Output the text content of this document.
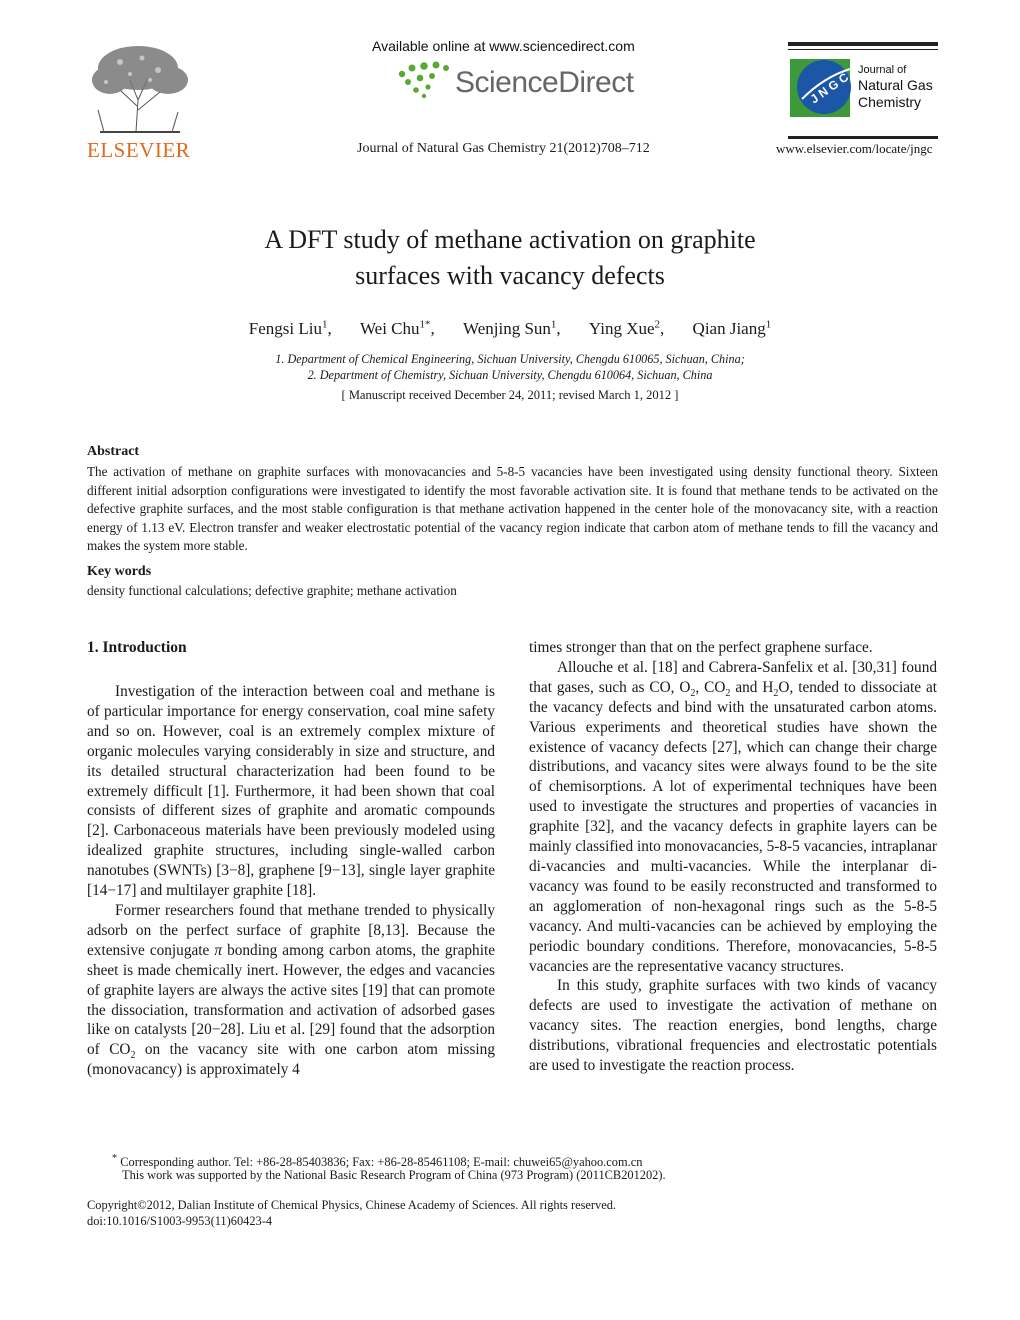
ELSEVIER
Available online at www.sciencedirect.com
ScienceDirect
Journal of Natural Gas Chemistry 21(2012)708–712
J N G C
Journal of
Natural Gas
Chemistry
www.elsevier.com/locate/jngc
A DFT study of methane activation on graphite
surfaces with vacancy defects
Fengsi Liu$^1$, Wei Chu$^{1*}$, Wenjing Sun$^1$, Ying Xue$^2$, Qian Jiang$^1$
1. Department of Chemical Engineering, Sichuan University, Chengdu 610065, Sichuan, China;
2. Department of Chemistry, Sichuan University, Chengdu 610064, Sichuan, China
[ Manuscript received December 24, 2011; revised March 1, 2012 ]
Abstract
The activation of methane on graphite surfaces with monovacancies and 5-8-5 vacancies have been investigated using density functional theory. Sixteen different initial adsorption configurations were investigated to identify the most favorable activation site. It is found that methane tends to be activated on the defective graphite surfaces, and the most stable configuration is that methane activation happened in the center hole of the monovacancy site, with a reaction energy of 1.13 eV. Electron transfer and weaker electrostatic potential of the vacancy region indicate that carbon atom of methane tends to fill the vacancy and makes the system more stable.
Key words
density functional calculations; defective graphite; methane activation
1. Introduction

Investigation of the interaction between coal and methane is of particular importance for energy conservation, coal mine safety and so on. However, coal is an extremely complex mixture of organic molecules varying considerably in size and structure, and its detailed structural characterization had been found to be extremely difficult [1]. Furthermore, it had been shown that coal consists of different sizes of graphite and aromatic compounds [2]. Carbonaceous materials have been previously modeled using idealized graphite structures, including single-walled carbon nanotubes (SWNTs) [3−8], graphene [9−13], single layer graphite [14−17] and multilayer graphite [18].

Former researchers found that methane trended to physically adsorb on the perfect surface of graphite [8,13]. Because the extensive conjugate π bonding among carbon atoms, the graphite sheet is made chemically inert. However, the edges and vacancies of graphite layers are always the active sites [19] that can promote the dissociation, transformation and activation of adsorbed gases like on catalysts [20−28]. Liu et al. [29] found that the adsorption of $CO_2$ on the vacancy site with one carbon atom missing (monovacancy) is approximately 4

times stronger than that on the perfect graphene surface.

Allouche et al. [18] and Cabrera-Sanfelix et al. [30,31] found that gases, such as CO, $O_2$, $CO_2$ and $H_2O$, tended to dissociate at the vacancy defects and bind with the unsaturated carbon atoms. Various experiments and theoretical studies have shown the existence of vacancy defects [27], which can change their charge distributions, and vacancy sites were always found to be the site of chemisorptions. A lot of experimental techniques have been used to investigate the structures and properties of vacancies in graphite [32], and the vacancy defects in graphite layers can be mainly classified into monovacancies, 5-8-5 vacancies, intraplanar di-vacancies and multi-vacancies. While the interplanar di-vacancy was found to be easily reconstructed and transformed to an agglomeration of non-hexagonal rings such as the 5-8-5 vacancy. And multi-vacancies can be achieved by employing the periodic boundary conditions. Therefore, monovacancies, 5-8-5 vacancies are the representative vacancy structures.

In this study, graphite surfaces with two kinds of vacancy defects are used to investigate the activation of methane on vacancy sites. The reaction energies, bond lengths, charge distributions, vibrational frequencies and electrostatic potentials are used to investigate the reaction process.

* Corresponding author. Tel: +86-28-85403836; Fax: +86-28-85461108; E-mail: chuwei65@yahoo.com.cn
This work was supported by the National Basic Research Program of China (973 Program) (2011CB201202).
Copyright©2012, Dalian Institute of Chemical Physics, Chinese Academy of Sciences. All rights reserved.
doi:10.1016/S1003-9953(11)60423-4
